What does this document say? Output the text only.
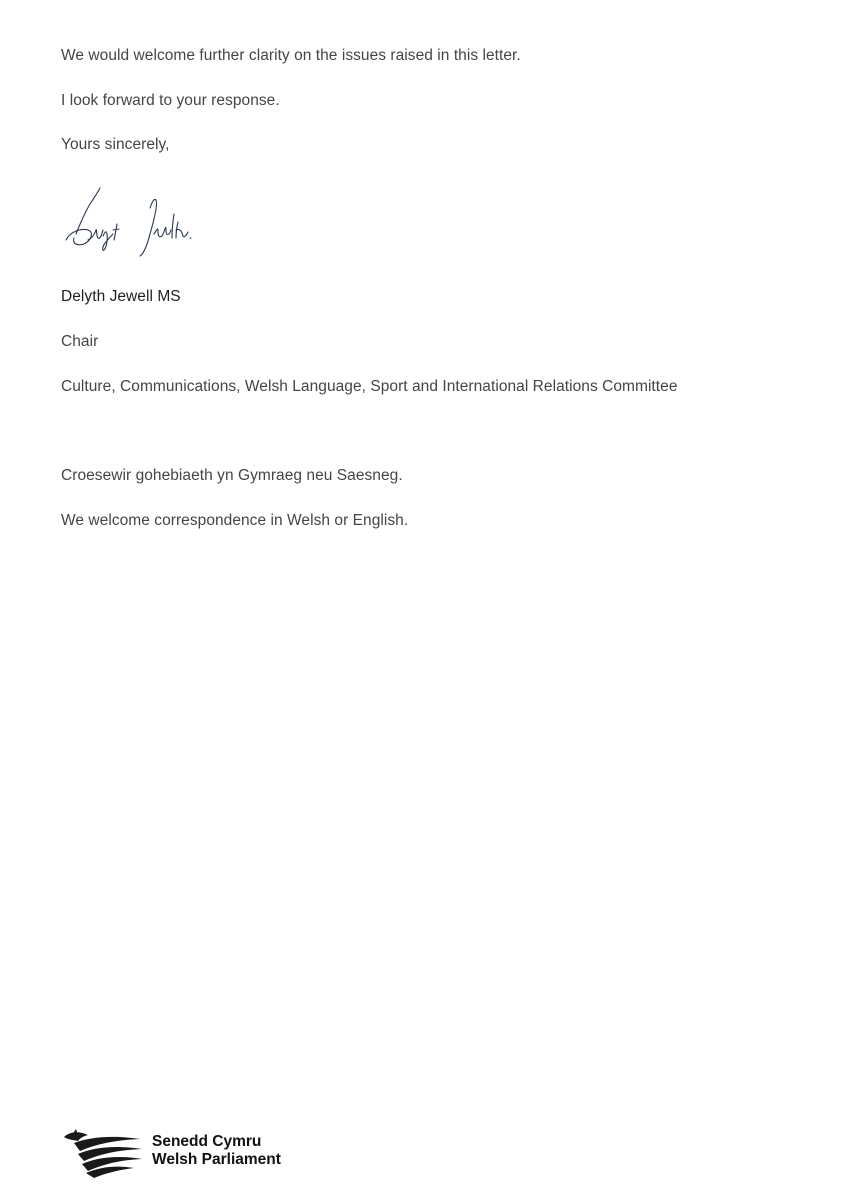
We would welcome further clarity on the issues raised in this letter.
I look forward to your response.
Yours sincerely,
Delyth Jewell MS
Chair
Culture, Communications, Welsh Language, Sport and International Relations Committee
Croesewir gohebiaeth yn Gymraeg neu Saesneg.
We welcome correspondence in Welsh or English.
Senedd Cymru
Welsh Parliament
